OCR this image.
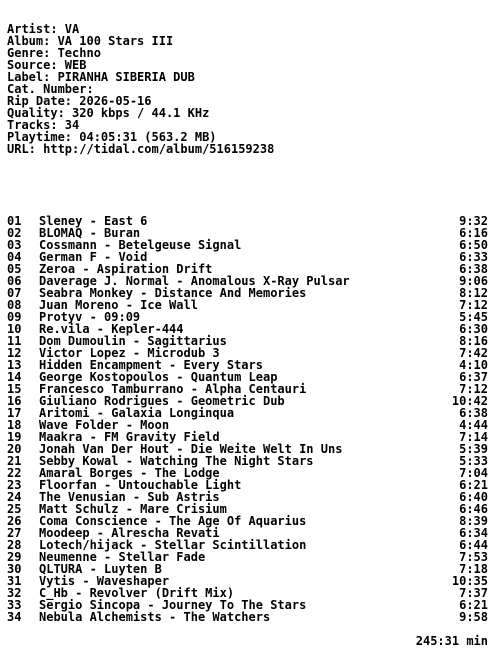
Artist: VA
Album: VA 100 Stars III
Genre: Techno
Source: WEB
Label: PIRANHA SIBERIA DUB
Cat. Number:
Rip Date: 2026-05-16
Quality: 320 kbps / 44.1 KHz
Tracks: 34
Playtime: 04:05:31 (563.2 MB)
URL: http://tidal.com/album/516159238
01 Sleney - East 6	9:32
02 BLOMAQ - Buran	6:16
03 Cossmann - Betelgeuse Signal	6:50
04 German F - Void	6:33
05 Zeroa - Aspiration Drift	6:38
06 Daverage J. Normal - Anomalous X-Ray Pulsar	9:06
07 Seabra Monkey - Distance And Memories	8:12
08 Juan Moreno - Ice Wall	7:12
09 Protyv - 09:09	5:45
10 Re.vila - Kepler-444	6:30
11 Dom Dumoulin - Sagittarius	8:16
12 Victor Lopez - Microdub 3	7:42
13 Hidden Encampment - Every Stars	4:10
14 George Kostopoulos - Quantum Leap	6:37
15 Francesco Tamburrano - Alpha Centauri	7:12
16 Giuliano Rodrigues - Geometric Dub	10:42
17 Aritomi - Galaxia Longinqua	6:38
18 Wave Folder - Moon	4:44
19 Maakra - FM Gravity Field	7:14
20 Jonah Van Der Hout - Die Weite Welt In Uns	5:39
21 Sebby Kowal - Watching The Night Stars	5:33
22 Amaral Borges - The Lodge	7:04
23 Floorfan - Untouchable Light	6:21
24 The Venusian - Sub Astris	6:40
25 Matt Schulz - Mare Crisium	6:46
26 Coma Conscience - The Age Of Aquarius	8:39
27 Moodeep - Alrescha Revati	6:34
28 Lotech/hijack - Stellar Scintillation	6:44
29 Neumenne - Stellar Fade	7:53
30 QLTURA - Luyten B	7:18
31 Vytis - Waveshaper	10:35
32 C_Hb - Revolver (Drift Mix)	7:37
33 Sergio Sincopa - Journey To The Stars	6:21
34 Nebula Alchemists - The Watchers	9:58
245:31 min
